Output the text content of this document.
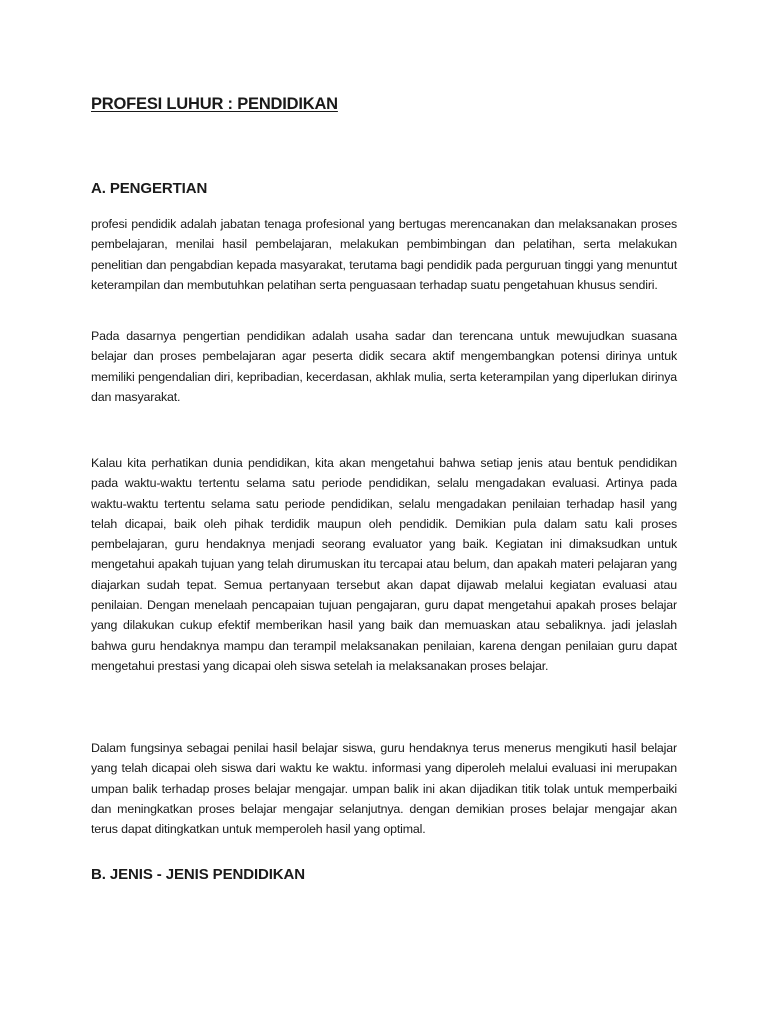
PROFESI LUHUR : PENDIDIKAN
A. PENGERTIAN

profesi pendidik adalah jabatan tenaga profesional yang bertugas merencanakan dan melaksanakan proses pembelajaran, menilai hasil pembelajaran, melakukan pembimbingan dan pelatihan, serta melakukan penelitian dan pengabdian kepada masyarakat, terutama bagi pendidik pada perguruan tinggi yang menuntut keterampilan dan membutuhkan pelatihan serta penguasaan terhadap suatu pengetahuan khusus sendiri.

Pada dasarnya pengertian pendidikan adalah usaha sadar dan terencana untuk mewujudkan suasana belajar dan proses pembelajaran agar peserta didik secara aktif mengembangkan potensi dirinya untuk memiliki pengendalian diri, kepribadian, kecerdasan, akhlak mulia, serta keterampilan yang diperlukan dirinya dan masyarakat.

Kalau kita perhatikan dunia pendidikan, kita akan mengetahui bahwa setiap jenis atau bentuk pendidikan pada waktu-waktu tertentu selama satu periode pendidikan, selalu mengadakan evaluasi. Artinya pada waktu-waktu tertentu selama satu periode pendidikan, selalu mengadakan penilaian terhadap hasil yang telah dicapai, baik oleh pihak terdidik maupun oleh pendidik. Demikian pula dalam satu kali proses pembelajaran, guru hendaknya menjadi seorang evaluator yang baik. Kegiatan ini dimaksudkan untuk mengetahui apakah tujuan yang telah dirumuskan itu tercapai atau belum, dan apakah materi pelajaran yang diajarkan sudah tepat. Semua pertanyaan tersebut akan dapat dijawab melalui kegiatan evaluasi atau penilaian. Dengan menelaah pencapaian tujuan pengajaran, guru dapat mengetahui apakah proses belajar yang dilakukan cukup efektif memberikan hasil yang baik dan memuaskan atau sebaliknya. jadi jelaslah bahwa guru hendaknya mampu dan terampil melaksanakan penilaian, karena dengan penilaian guru dapat mengetahui prestasi yang dicapai oleh siswa setelah ia melaksanakan proses belajar.

Dalam fungsinya sebagai penilai hasil belajar siswa, guru hendaknya terus menerus mengikuti hasil belajar yang telah dicapai oleh siswa dari waktu ke waktu. informasi yang diperoleh melalui evaluasi ini merupakan umpan balik terhadap proses belajar mengajar. umpan balik ini akan dijadikan titik tolak untuk memperbaiki dan meningkatkan proses belajar mengajar selanjutnya. dengan demikian proses belajar mengajar akan terus dapat ditingkatkan untuk memperoleh hasil yang optimal.

B. JENIS - JENIS PENDIDIKAN
